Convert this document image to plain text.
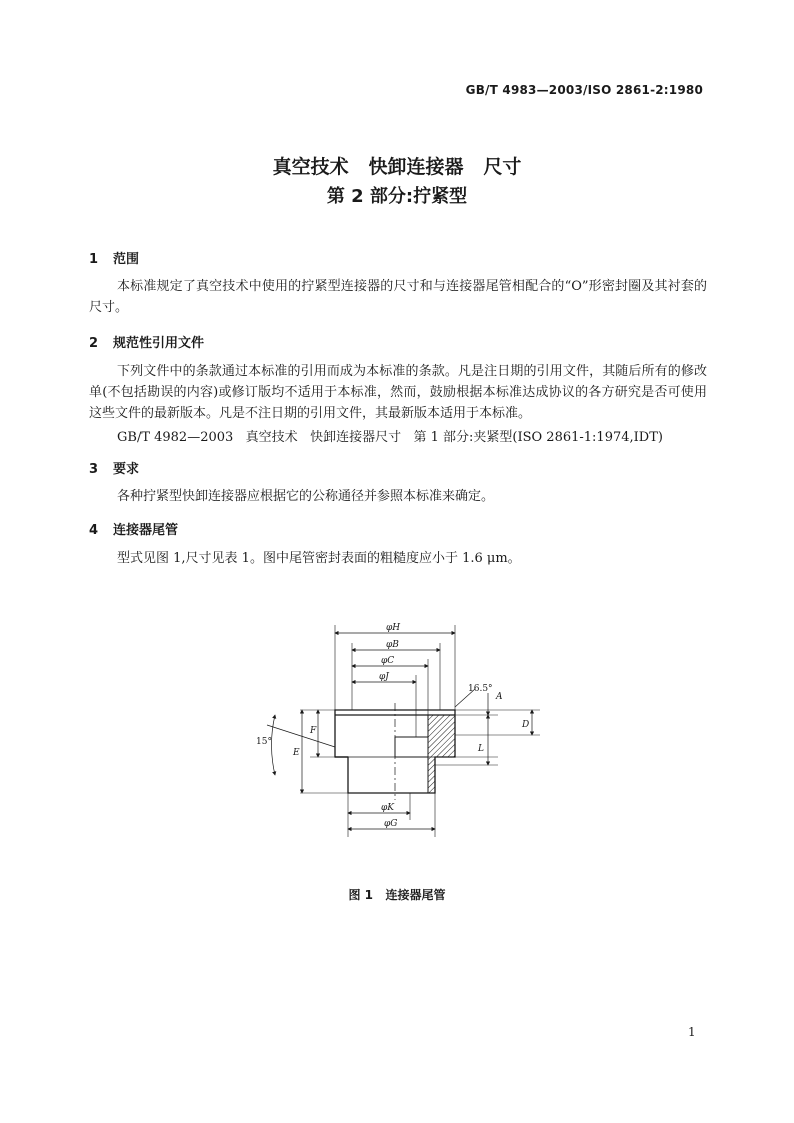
GB/T 4983—2003/ISO 2861-2:1980
真空技术   快卸连接器   尺寸
第 2 部分:拧紧型
1 范围
本标准规定了真空技术中使用的拧紧型连接器的尺寸和与连接器尾管相配合的“O”形密封圈及其衬套的尺寸。
2 规范性引用文件
下列文件中的条款通过本标准的引用而成为本标准的条款。凡是注日期的引用文件，其随后所有的修改单(不包括勘误的内容)或修订版均不适用于本标准，然而，鼓励根据本标准达成协议的各方研究是否可使用这些文件的最新版本。凡是不注日期的引用文件，其最新版本适用于本标准。
GB/T 4982—2003   真空技术   快卸连接器尺寸   第 1 部分:夹紧型(ISO 2861-1:1974,IDT)
3 要求
各种拧紧型快卸连接器应根据它的公称通径并参照本标准来确定。
4 连接器尾管
型式见图 1,尺寸见表 1。图中尾管密封表面的粗糙度应小于 1.6 μm。
φH
φB
φC
φJ
φK
φG
16.5°
15°
A
D
L
F
E
图 1   连接器尾管
1
